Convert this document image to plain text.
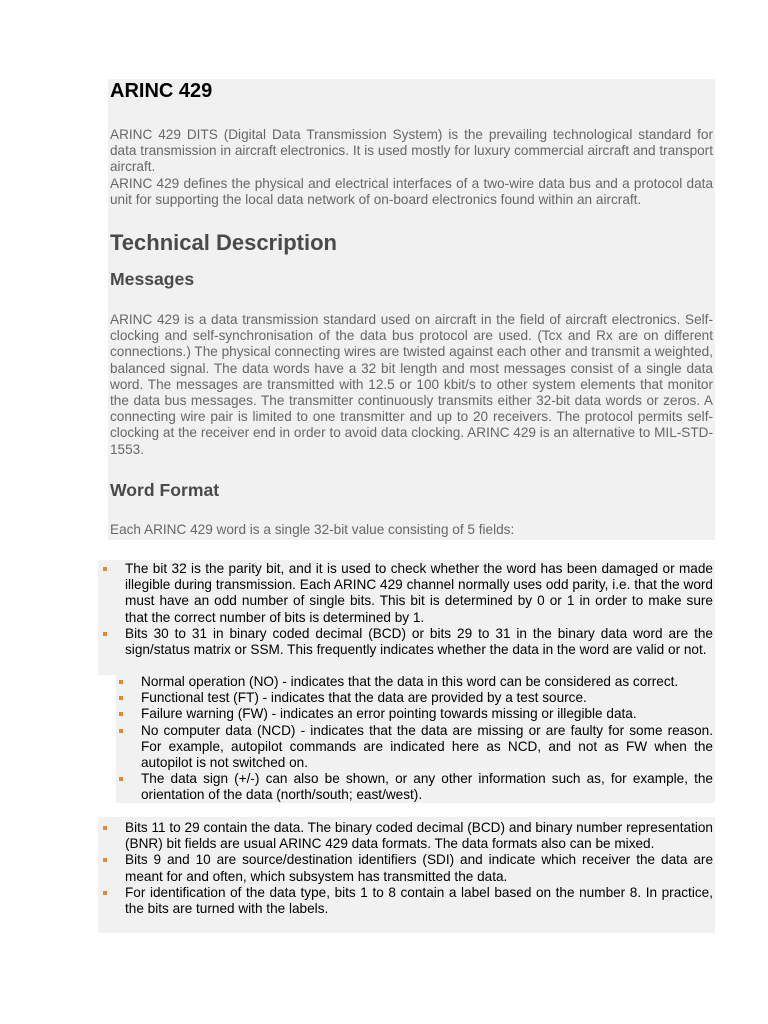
ARINC 429

ARINC 429 DITS (Digital Data Transmission System) is the prevailing technological standard for data transmission in aircraft electronics. It is used mostly for luxury commercial aircraft and transport aircraft.

ARINC 429 defines the physical and electrical interfaces of a two-wire data bus and a protocol data unit for supporting the local data network of on-board electronics found within an aircraft.

Technical Description
Messages

ARINC 429 is a data transmission standard used on aircraft in the field of aircraft electronics. Self-clocking and self-synchronisation of the data bus protocol are used. (Tcx and Rx are on different connections.) The physical connecting wires are twisted against each other and transmit a weighted, balanced signal. The data words have a 32 bit length and most messages consist of a single data word. The messages are transmitted with 12.5 or 100 kbit/s to other system elements that monitor the data bus messages. The transmitter continuously transmits either 32-bit data words or zeros. A connecting wire pair is limited to one transmitter and up to 20 receivers. The protocol permits self-clocking at the receiver end in order to avoid data clocking. ARINC 429 is an alternative to MIL-STD-1553.

Word Format

Each ARINC 429 word is a single 32-bit value consisting of 5 fields:

The bit 32 is the parity bit, and it is used to check whether the word has been damaged or made illegible during transmission. Each ARINC 429 channel normally uses odd parity, i.e. that the word must have an odd number of single bits. This bit is determined by 0 or 1 in order to make sure that the correct number of bits is determined by 1.
Bits 30 to 31 in binary coded decimal (BCD) or bits 29 to 31 in the binary data word are the sign/status matrix or SSM. This frequently indicates whether the data in the word are valid or not.
Normal operation (NO) - indicates that the data in this word can be considered as correct.
Functional test (FT) - indicates that the data are provided by a test source.
Failure warning (FW) - indicates an error pointing towards missing or illegible data.
No computer data (NCD) - indicates that the data are missing or are faulty for some reason. For example, autopilot commands are indicated here as NCD, and not as FW when the autopilot is not switched on.
The data sign (+/-) can also be shown, or any other information such as, for example, the orientation of the data (north/south; east/west).
Bits 11 to 29 contain the data. The binary coded decimal (BCD) and binary number representation (BNR) bit fields are usual ARINC 429 data formats. The data formats also can be mixed.
Bits 9 and 10 are source/destination identifiers (SDI) and indicate which receiver the data are meant for and often, which subsystem has transmitted the data.
For identification of the data type, bits 1 to 8 contain a label based on the number 8. In practice, the bits are turned with the labels.
